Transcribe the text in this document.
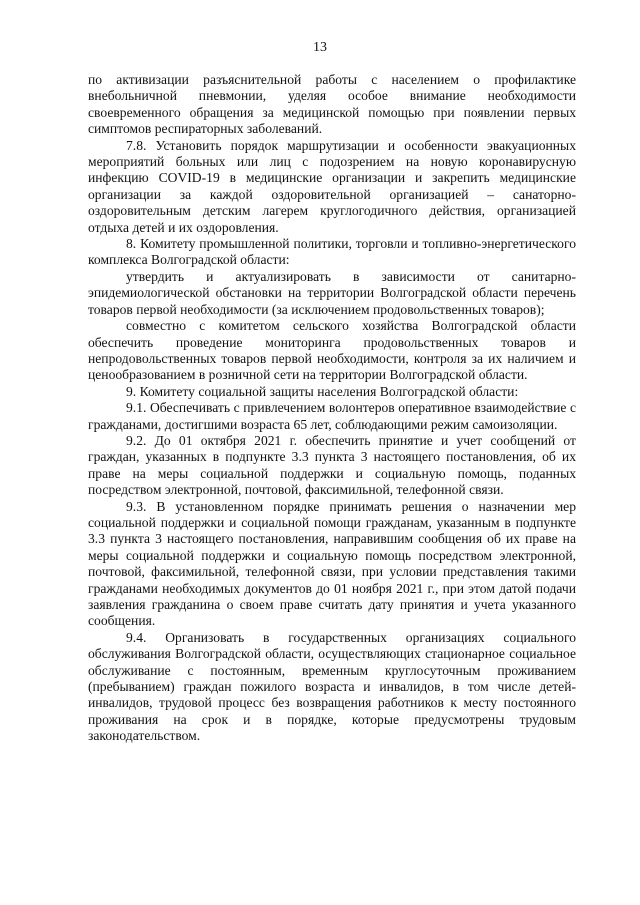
13

по активизации разъяснительной работы с населением о профилактике внебольничной пневмонии, уделяя особое внимание необходимости своевременного обращения за медицинской помощью при появлении первых симптомов респираторных заболеваний.

7.8. Установить порядок маршрутизации и особенности эвакуационных мероприятий больных или лиц с подозрением на новую коронавирусную инфекцию COVID-19 в медицинские организации и закрепить медицинские организации за каждой оздоровительной организацией – санаторно-оздоровительным детским лагерем круглогодичного действия, организацией отдыха детей и их оздоровления.

8. Комитету промышленной политики, торговли и топливно-энергетического комплекса Волгоградской области:

утвердить и актуализировать в зависимости от санитарно-эпидемиологической обстановки на территории Волгоградской области перечень товаров первой необходимости (за исключением продовольственных товаров);

совместно с комитетом сельского хозяйства Волгоградской области обеспечить проведение мониторинга продовольственных товаров и непродовольственных товаров первой необходимости, контроля за их наличием и ценообразованием в розничной сети на территории Волгоградской области.

9. Комитету социальной защиты населения Волгоградской области:

9.1. Обеспечивать с привлечением волонтеров оперативное взаимодействие с гражданами, достигшими возраста 65 лет, соблюдающими режим самоизоляции.

9.2. До 01 октября 2021 г. обеспечить принятие и учет сообщений от граждан, указанных в подпункте 3.3 пункта 3 настоящего постановления, об их праве на меры социальной поддержки и социальную помощь, поданных посредством электронной, почтовой, факсимильной, телефонной связи.

9.3. В установленном порядке принимать решения о назначении мер социальной поддержки и социальной помощи гражданам, указанным в подпункте 3.3 пункта 3 настоящего постановления, направившим сообщения об их праве на меры социальной поддержки и социальную помощь посредством электронной, почтовой, факсимильной, телефонной связи, при условии представления такими гражданами необходимых документов до 01 ноября 2021 г., при этом датой подачи заявления гражданина о своем праве считать дату принятия и учета указанного сообщения.

9.4. Организовать в государственных организациях социального обслуживания Волгоградской области, осуществляющих стационарное социальное обслуживание с постоянным, временным круглосуточным проживанием (пребыванием) граждан пожилого возраста и инвалидов, в том числе детей-инвалидов, трудовой процесс без возвращения работников к месту постоянного проживания на срок и в порядке, которые предусмотрены трудовым законодательством.
